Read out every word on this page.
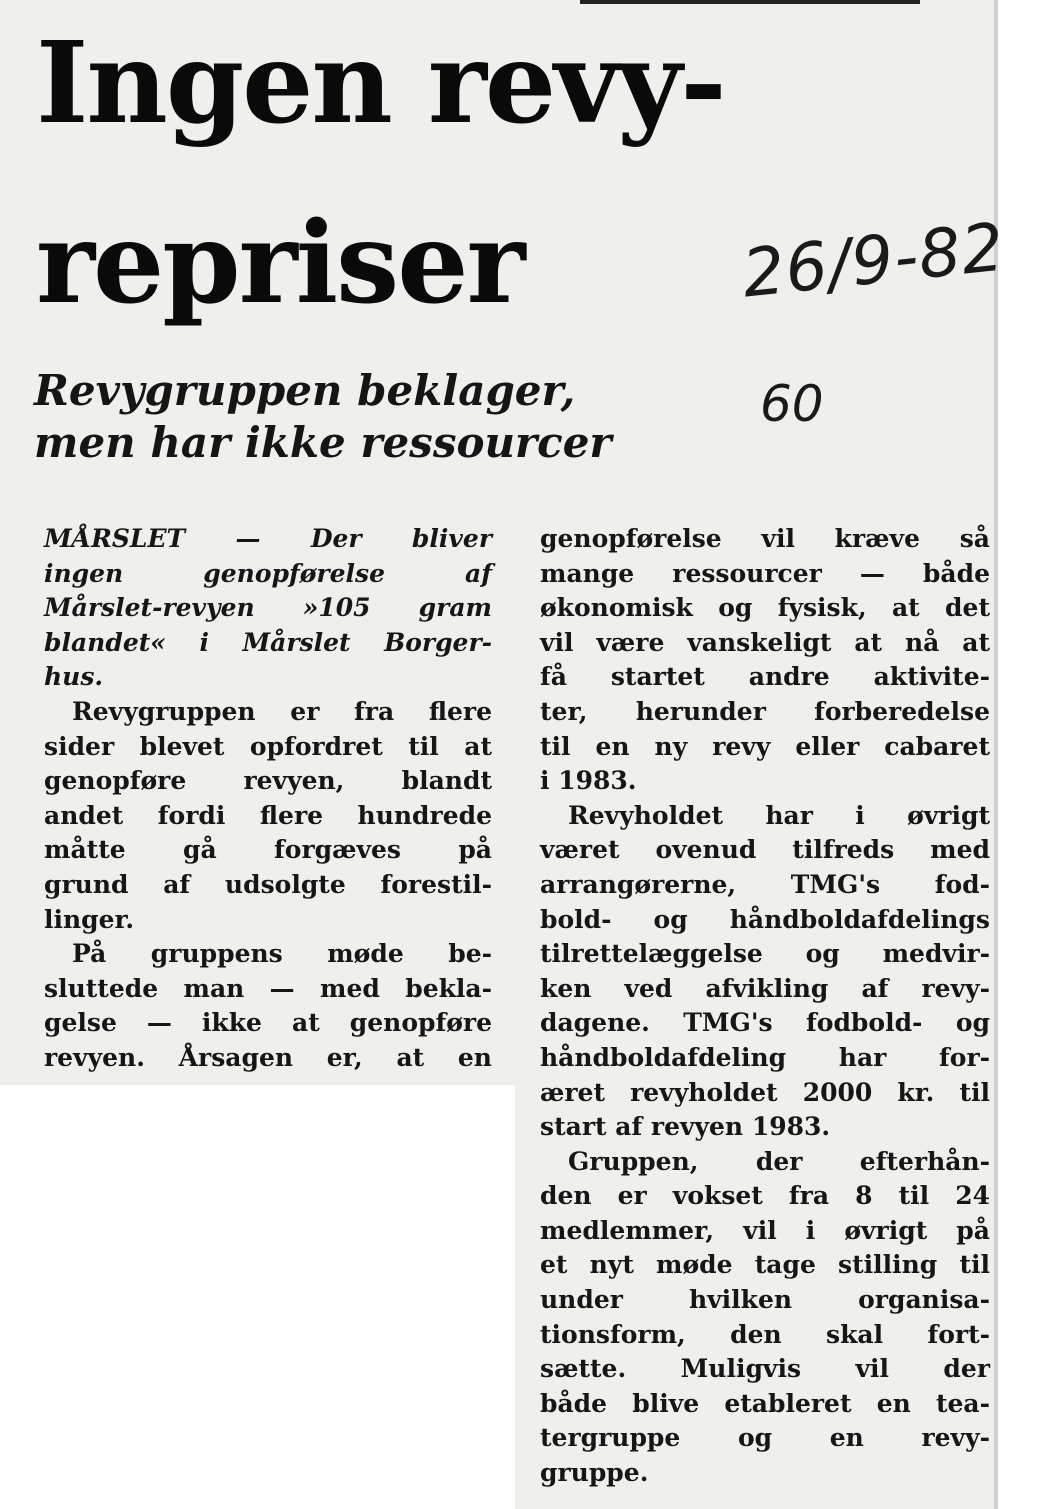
Ingen revy-
repriser	26/9-82
60
Revygruppen beklager,
men har ikke ressourcer
MÅRSLET — Der bliver
ingen genopførelse af
Mårslet-revyen »105 gram
blandet« i Mårslet Borger-
hus.
Revygruppen er fra flere
sider blevet opfordret til at
genopføre revyen, blandt
andet fordi flere hundrede
måtte gå forgæves på
grund af udsolgte forestil-
linger.
På gruppens møde be-
sluttede man — med bekla-
gelse — ikke at genopføre
revyen. Årsagen er, at en
genopførelse vil kræve så
mange ressourcer — både
økonomisk og fysisk, at det
vil være vanskeligt at nå at
få startet andre aktivite-
ter, herunder forberedelse
til en ny revy eller cabaret
i 1983.
Revyholdet har i øvrigt
været ovenud tilfreds med
arrangørerne, TMG's fod-
bold- og håndboldafdelings
tilrettelæggelse og medvir-
ken ved afvikling af revy-
dagene. TMG's fodbold- og
håndboldafdeling har for-
æret revyholdet 2000 kr. til
start af revyen 1983.
Gruppen, der efterhån-
den er vokset fra 8 til 24
medlemmer, vil i øvrigt på
et nyt møde tage stilling til
under hvilken organisa-
tionsform, den skal fort-
sætte. Muligvis vil der
både blive etableret en tea-
tergruppe og en revy-
gruppe.
